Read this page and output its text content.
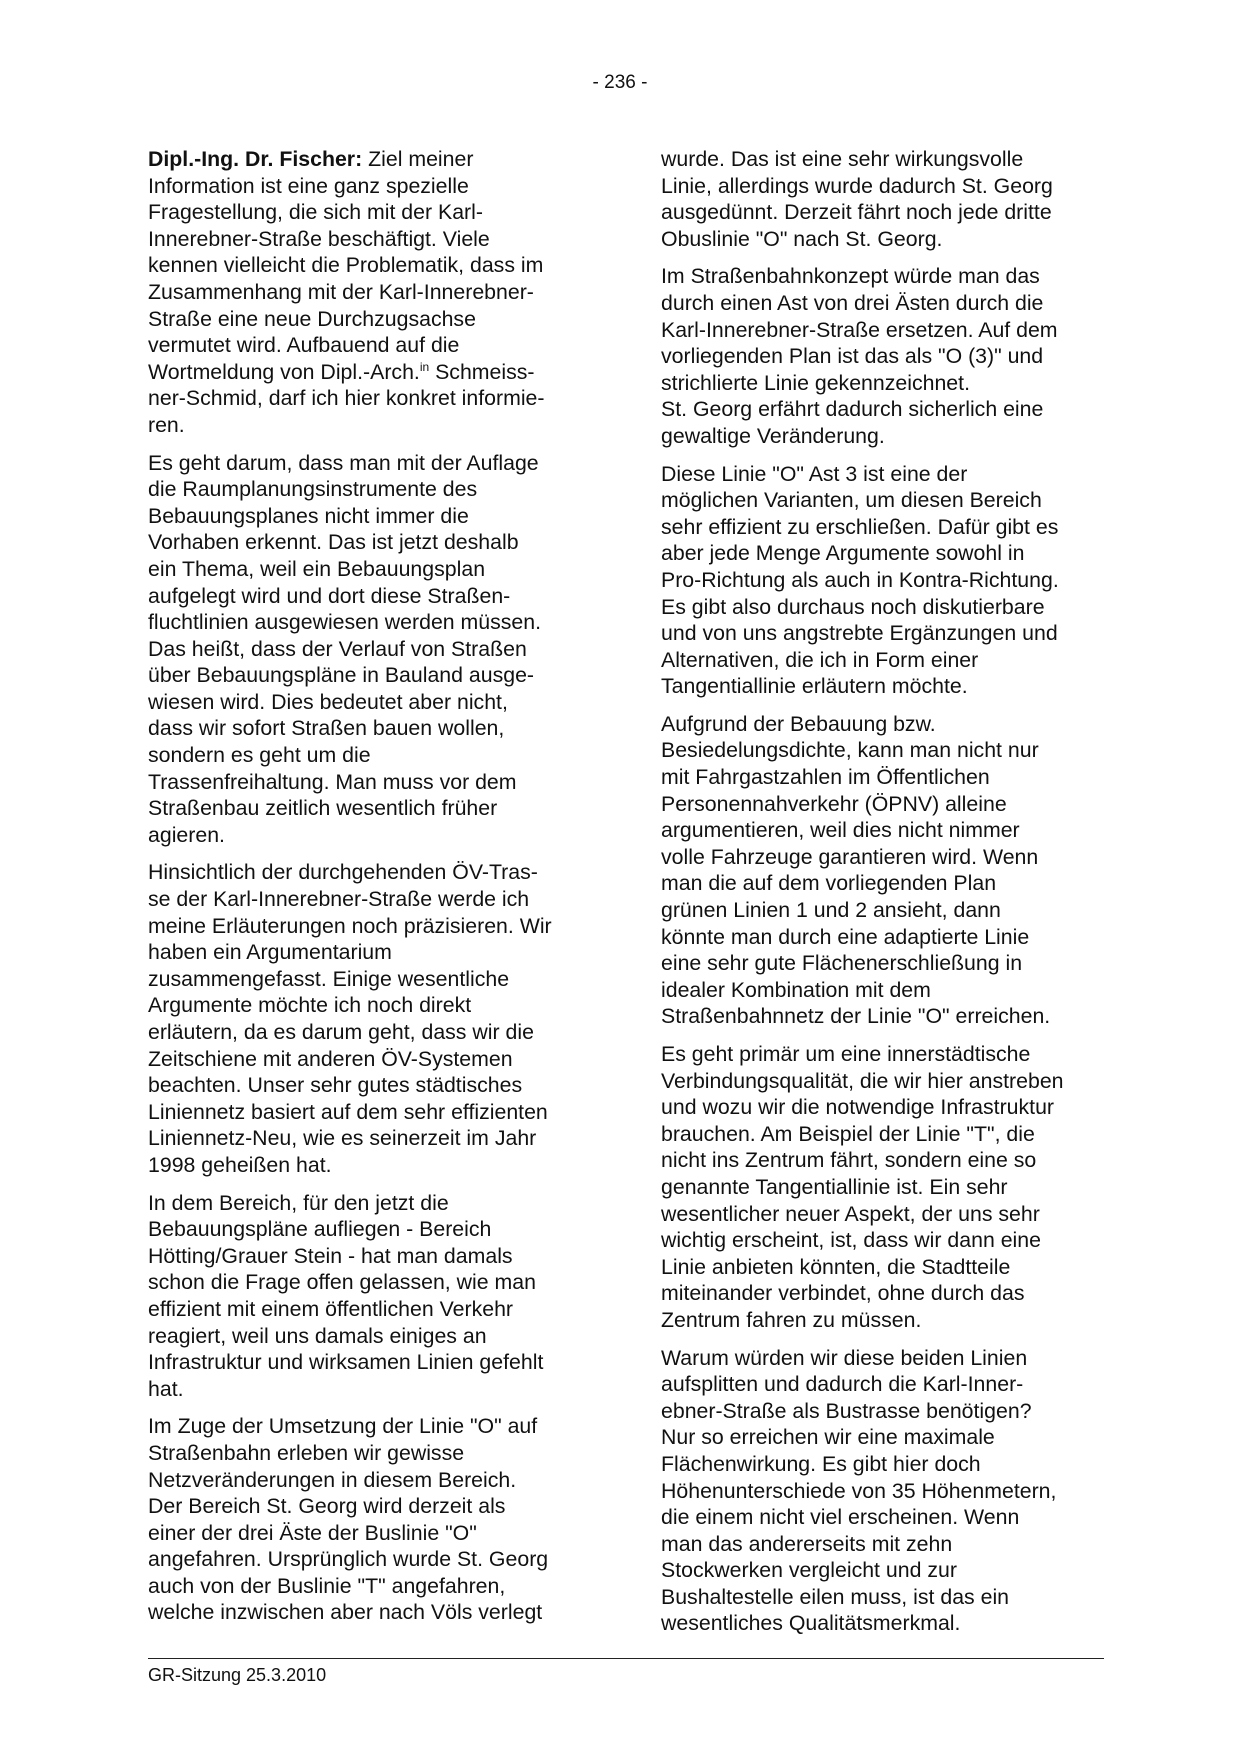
- 236 -
Dipl.-Ing. Dr. Fischer: Ziel meiner
Information ist eine ganz spezielle
Fragestellung, die sich mit der Karl-
Innerebner-Straße beschäftigt. Viele
kennen vielleicht die Problematik, dass im
Zusammenhang mit der Karl-Innerebner-
Straße eine neue Durchzugsachse
vermutet wird. Aufbauend auf die
Wortmeldung von Dipl.-Arch.$^{in}$ Schmeiss-
ner-Schmid, darf ich hier konkret informie-
ren.
Es geht darum, dass man mit der Auflage
die Raumplanungsinstrumente des
Bebauungsplanes nicht immer die
Vorhaben erkennt. Das ist jetzt deshalb
ein Thema, weil ein Bebauungsplan
aufgelegt wird und dort diese Straßen-
fluchtlinien ausgewiesen werden müssen.
Das heißt, dass der Verlauf von Straßen
über Bebauungspläne in Bauland ausge-
wiesen wird. Dies bedeutet aber nicht,
dass wir sofort Straßen bauen wollen,
sondern es geht um die
Trassenfreihaltung. Man muss vor dem
Straßenbau zeitlich wesentlich früher
agieren.
Hinsichtlich der durchgehenden ÖV-Tras-
se der Karl-Innerebner-Straße werde ich
meine Erläuterungen noch präzisieren. Wir
haben ein Argumentarium
zusammengefasst. Einige wesentliche
Argumente möchte ich noch direkt
erläutern, da es darum geht, dass wir die
Zeitschiene mit anderen ÖV-Systemen
beachten. Unser sehr gutes städtisches
Liniennetz basiert auf dem sehr effizienten
Liniennetz-Neu, wie es seinerzeit im Jahr
1998 geheißen hat.
In dem Bereich, für den jetzt die
Bebauungspläne aufliegen - Bereich
Hötting/Grauer Stein - hat man damals
schon die Frage offen gelassen, wie man
effizient mit einem öffentlichen Verkehr
reagiert, weil uns damals einiges an
Infrastruktur und wirksamen Linien gefehlt
hat.
Im Zuge der Umsetzung der Linie "O" auf
Straßenbahn erleben wir gewisse
Netzveränderungen in diesem Bereich.
Der Bereich St. Georg wird derzeit als
einer der drei Äste der Buslinie "O"
angefahren. Ursprünglich wurde St. Georg
auch von der Buslinie "T" angefahren,
welche inzwischen aber nach Völs verlegt
wurde. Das ist eine sehr wirkungsvolle
Linie, allerdings wurde dadurch St. Georg
ausgedünnt. Derzeit fährt noch jede dritte
Obuslinie "O" nach St. Georg.
Im Straßenbahnkonzept würde man das
durch einen Ast von drei Ästen durch die
Karl-Innerebner-Straße ersetzen. Auf dem
vorliegenden Plan ist das als "O (3)" und
strichlierte Linie gekennzeichnet.
St. Georg erfährt dadurch sicherlich eine
gewaltige Veränderung.
Diese Linie "O" Ast 3 ist eine der
möglichen Varianten, um diesen Bereich
sehr effizient zu erschließen. Dafür gibt es
aber jede Menge Argumente sowohl in
Pro-Richtung als auch in Kontra-Richtung.
Es gibt also durchaus noch diskutierbare
und von uns angstrebte Ergänzungen und
Alternativen, die ich in Form einer
Tangentiallinie erläutern möchte.
Aufgrund der Bebauung bzw.
Besiedelungsdichte, kann man nicht nur
mit Fahrgastzahlen im Öffentlichen
Personennahverkehr (ÖPNV) alleine
argumentieren, weil dies nicht nimmer
volle Fahrzeuge garantieren wird. Wenn
man die auf dem vorliegenden Plan
grünen Linien 1 und 2 ansieht, dann
könnte man durch eine adaptierte Linie
eine sehr gute Flächenerschließung in
idealer Kombination mit dem
Straßenbahnnetz der Linie "O" erreichen.
Es geht primär um eine innerstädtische
Verbindungsqualität, die wir hier anstreben
und wozu wir die notwendige Infrastruktur
brauchen. Am Beispiel der Linie "T", die
nicht ins Zentrum fährt, sondern eine so
genannte Tangentiallinie ist. Ein sehr
wesentlicher neuer Aspekt, der uns sehr
wichtig erscheint, ist, dass wir dann eine
Linie anbieten könnten, die Stadtteile
miteinander verbindet, ohne durch das
Zentrum fahren zu müssen.
Warum würden wir diese beiden Linien
aufsplitten und dadurch die Karl-Inner-
ebner-Straße als Bustrasse benötigen?
Nur so erreichen wir eine maximale
Flächenwirkung. Es gibt hier doch
Höhenunterschiede von 35 Höhenmetern,
die einem nicht viel erscheinen. Wenn
man das andererseits mit zehn
Stockwerken vergleicht und zur
Bushaltestelle eilen muss, ist das ein
wesentliches Qualitätsmerkmal.
GR-Sitzung 25.3.2010
